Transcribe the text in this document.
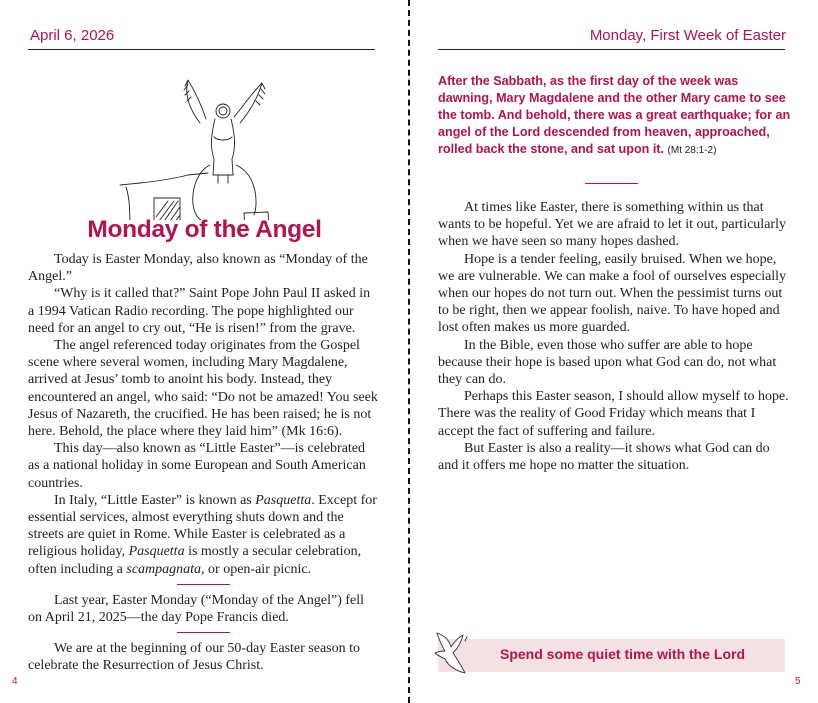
April 6, 2026
Monday of the Angel

Today is Easter Monday, also known as “Monday of the Angel.”

“Why is it called that?” Saint Pope John Paul II asked in a 1994 Vatican Radio recording. The pope highlighted our need for an angel to cry out, “He is risen!” from the grave.

The angel referenced today originates from the Gospel scene where several women, including Mary Magdalene, arrived at Jesus’ tomb to anoint his body. Instead, they encountered an angel, who said: “Do not be amazed! You seek Jesus of Nazareth, the crucified. He has been raised; he is not here. Behold, the place where they laid him” (Mk 16:6).

This day—also known as “Little Easter”—is celebrated as a national holiday in some European and South American countries.

In Italy, “Little Easter” is known as Pasquetta. Except for essential services, almost everything shuts down and the streets are quiet in Rome. While Easter is celebrated as a religious holiday, Pasquetta is mostly a secular celebration, often including a scampagnata, or open-air picnic.

Last year, Easter Monday (“Monday of the Angel”) fell on April 21, 2025—the day Pope Francis died.

We are at the beginning of our 50-day Easter season to celebrate the Resurrection of Jesus Christ.

4
Monday, First Week of Easter
After the Sabbath, as the first day of the week was dawning, Mary Magdalene and the other Mary came to see the tomb. And behold, there was a great earthquake; for an angel of the Lord descended from heaven, approached, rolled back the stone, and sat upon it. (Mt 28:1-2)

At times like Easter, there is something within us that wants to be hopeful. Yet we are afraid to let it out, particularly when we have seen so many hopes dashed.

Hope is a tender feeling, easily bruised. When we hope, we are vulnerable. We can make a fool of ourselves especially when our hopes do not turn out. When the pessimist turns out to be right, then we appear foolish, naive. To have hoped and lost often makes us more guarded.

In the Bible, even those who suffer are able to hope because their hope is based upon what God can do, not what they can do.

Perhaps this Easter season, I should allow myself to hope. There was the reality of Good Friday which means that I accept the fact of suffering and failure.

But Easter is also a reality—it shows what God can do and it offers me hope no matter the situation.

Spend some quiet time with the Lord
5
